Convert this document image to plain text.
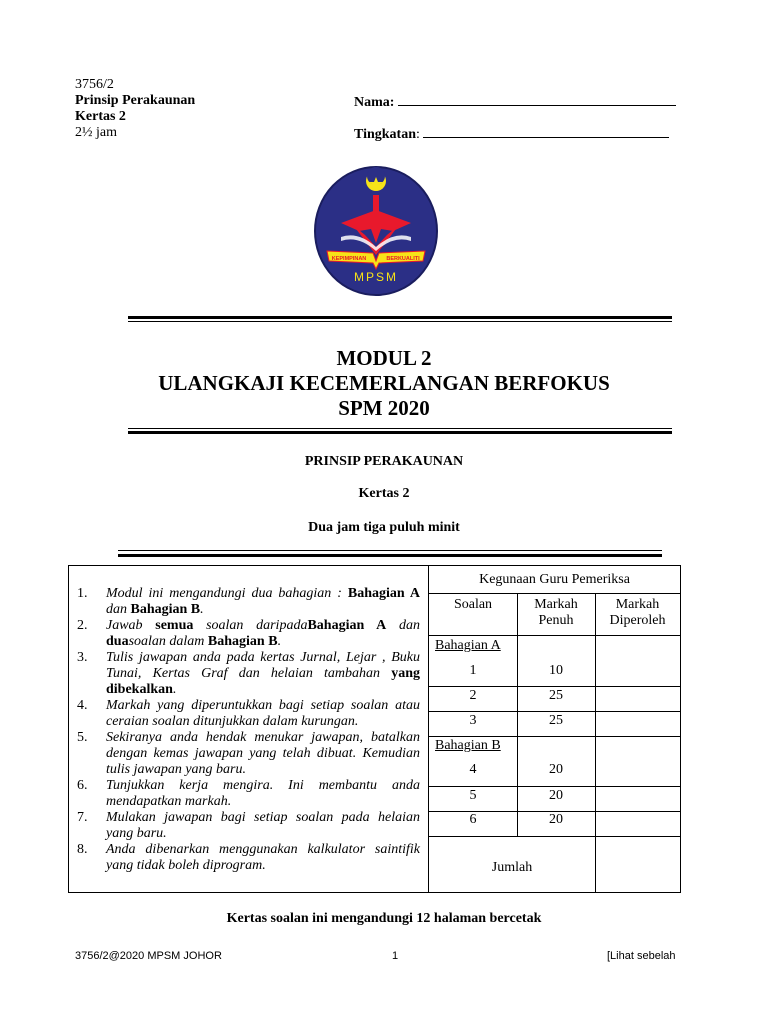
3756/2
Prinsip Perakaunan
Kertas 2
2½ jam
Nama:
Tingkatan:
KEPIMPINAN	BERKUALITI
MPSM
MODUL 2
ULANGKAJI KECEMERLANGAN BERFOKUS
SPM 2020
PRINSIP PERAKAUNAN
Kertas 2
Dua jam tiga puluh minit
1.	Modul ini mengandungi dua bahagian : Bahagian A dan Bahagian B.
2.	Jawab semua soalan daripadaBahagian A dan duasoalan dalam Bahagian B.
3.	Tulis jawapan anda pada kertas Jurnal, Lejar , Buku Tunai, Kertas Graf dan helaian tambahan yang dibekalkan.
4.	Markah yang diperuntukkan bagi setiap soalan atau ceraian soalan ditunjukkan dalam kurungan.
5.	Sekiranya anda hendak menukar jawapan, batalkan dengan kemas jawapan yang telah dibuat. Kemudian tulis jawapan yang baru.
6.	Tunjukkan kerja mengira. Ini membantu anda mendapatkan markah.
7.	Mulakan jawapan bagi setiap soalan pada helaian yang baru.
8.	Anda dibenarkan menggunakan kalkulator saintifik yang tidak boleh diprogram.
Kegunaan Guru Pemeriksa
Soalan	Markah Penuh
Markah Diperoleh
Bahagian A
1	10
2	25
3	25
Bahagian B
4	20
5	20
6	20
Jumlah
Kertas soalan ini mengandungi 12 halaman bercetak
3756/2@2020 MPSM JOHOR	1	[Lihat sebelah
